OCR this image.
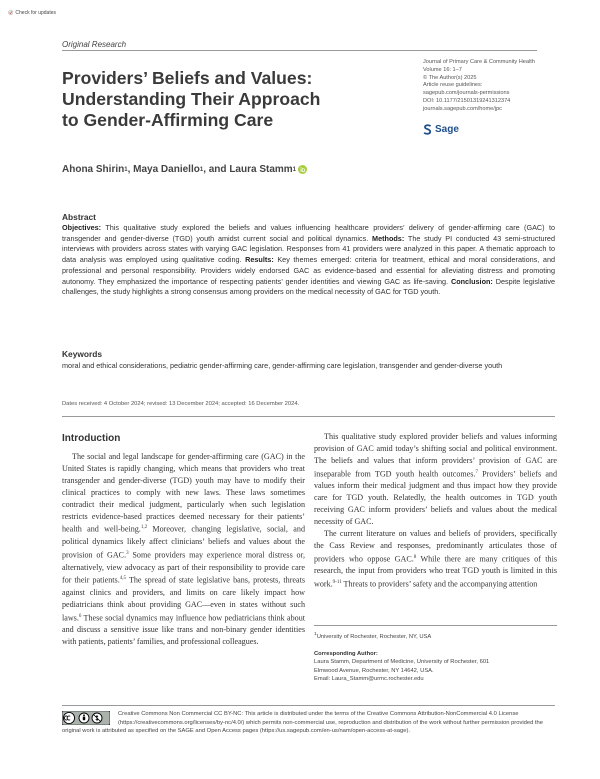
Check for updates
Original Research
Providers’ Beliefs and Values:
Understanding Their Approach
to Gender-Affirming Care
Journal of Primary Care & Community Health
Volume 16: 1–7
© The Author(s) 2025
Article reuse guidelines:
sagepub.com/journals-permissions
DOI: 10.1177/21501319241312374
journals.sagepub.com/home/jpc
Sage
Ahona Shirin 1 , Maya Daniello 1 , and Laura Stamm 1
Abstract

Objectives: This qualitative study explored the beliefs and values influencing healthcare providers’ delivery of gender-affirming care (GAC) to transgender and gender-diverse (TGD) youth amidst current social and political dynamics. Methods: The study PI conducted 43 semi-structured interviews with providers across states with varying GAC legislation. Responses from 41 providers were analyzed in this paper. A thematic approach to data analysis was employed using qualitative coding. Results: Key themes emerged: criteria for treatment, ethical and moral considerations, and professional and personal responsibility. Providers widely endorsed GAC as evidence-based and essential for alleviating distress and promoting autonomy. They emphasized the importance of respecting patients’ gender identities and viewing GAC as life-saving. Conclusion: Despite legislative challenges, the study highlights a strong consensus among providers on the medical necessity of GAC for TGD youth.

Keywords

moral and ethical considerations, pediatric gender-affirming care, gender-affirming care legislation, transgender and gender-diverse youth

Dates received: 4 October 2024; revised: 13 December 2024; accepted: 16 December 2024.
Introduction

The social and legal landscape for gender-affirming care (GAC) in the United States is rapidly changing, which means that providers who treat transgender and gender-diverse (TGD) youth may have to modify their clinical practices to comply with new laws. These laws sometimes contradict their medical judgment, particularly when such legislation restricts evidence-based practices deemed necessary for their patients’ health and well-being.$^{1,2}$ Moreover, changing legislative, social, and political dynamics likely affect clinicians’ beliefs and values about the provision of GAC.$^3$ Some providers may experience moral distress or, alternatively, view advocacy as part of their responsibility to provide care for their patients.$^{4,5}$ The spread of state legislative bans, protests, threats against clinics and providers, and limits on care likely impact how pediatricians think about providing GAC—even in states without such laws.$^6$ These social dynamics may influence how pediatricians think about and discuss a sensitive issue like trans and non-binary gender identities with patients, patients’ families, and professional colleagues.

This qualitative study explored provider beliefs and values informing provision of GAC amid today’s shifting social and political environment. The beliefs and values that inform providers’ provision of GAC are inseparable from TGD youth health outcomes.$^7$ Providers’ beliefs and values inform their medical judgment and thus impact how they provide care for TGD youth. Relatedly, the health outcomes in TGD youth receiving GAC inform providers’ beliefs and values about the medical necessity of GAC.

The current literature on values and beliefs of providers, specifically the Cass Review and responses, predominantly articulates those of providers who oppose GAC.$^8$ While there are many critiques of this research, the input from providers who treat TGD youth is limited in this work.$^{9-11}$ Threats to providers’ safety and the accompanying attention

$^1$University of Rochester, Rochester, NY, USA
Corresponding Author:
Laura Stamm, Department of Medicine, University of Rochester, 601
Elmwood Avenue, Rochester, NY 14642, USA.
Email: Laura_Stamm@urmc.rochester.edu
Creative Commons Non Commercial CC BY-NC: This article is distributed under the terms of the Creative Commons Attribution-NonCommercial 4.0 License (https://creativecommons.org/licenses/by-nc/4.0/) which permits non-commercial use, reproduction and distribution of the work without further permission provided the original work is attributed as specified on the SAGE and Open Access pages (https://us.sagepub.com/en-us/nam/open-access-at-sage).
